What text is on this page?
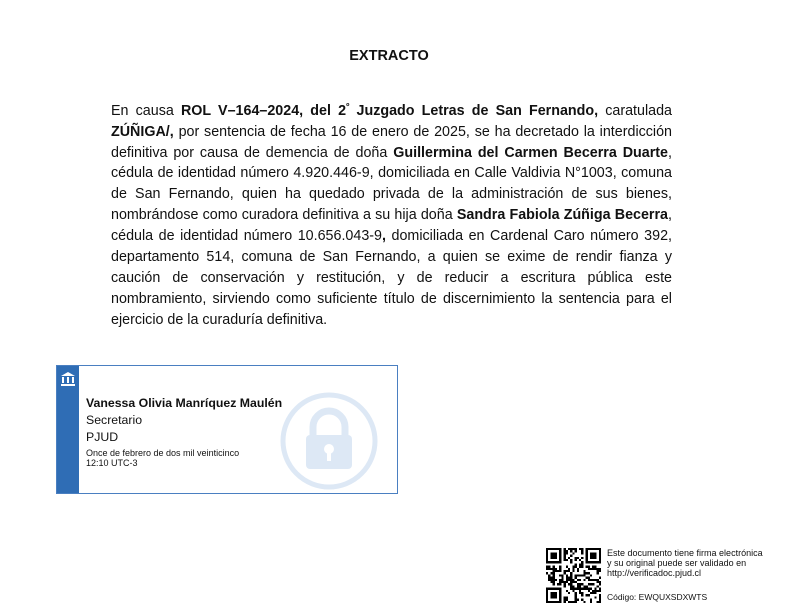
EXTRACTO
En causa ROL V–164–2024, del $2^º$ Juzgado Letras de San Fernando, caratulada ZÚÑIGA/, por sentencia de fecha 16 de enero de 2025, se ha decretado la interdicción definitiva por causa de demencia de doña Guillermina del Carmen Becerra Duarte, cédula de identidad número 4.920.446-9, domiciliada en Calle Valdivia N°1003, comuna de San Fernando, quien ha quedado privada de la administración de sus bienes, nombrándose como curadora definitiva a su hija doña Sandra Fabiola Zúñiga Becerra, cédula de identidad número 10.656.043-9, domiciliada en Cardenal Caro número 392, departamento 514, comuna de San Fernando, a quien se exime de rendir fianza y caución de conservación y restitución, y de reducir a escritura pública este nombramiento, sirviendo como suficiente título de discernimiento la sentencia para el ejercicio de la curaduría definitiva.
Vanessa Olivia Manríquez Maulén
Secretario
PJUD
Once de febrero de dos mil veinticinco
12:10 UTC-3
Este documento tiene firma electrónica
y su original puede ser validado en
http://verificadoc.pjud.cl
Código: EWQUXSDXWTS
